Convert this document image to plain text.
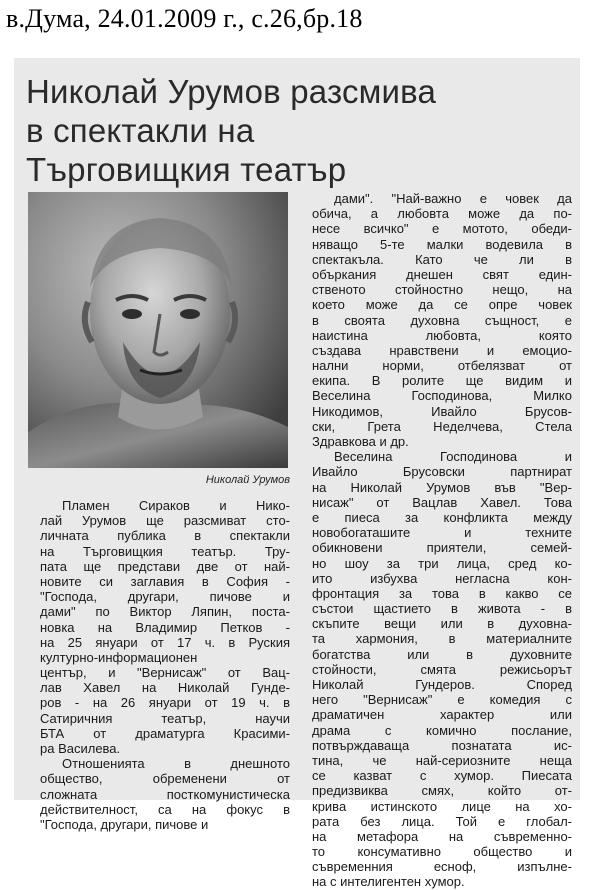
в.Дума, 24.01.2009 г., с.26,бр.18
Николай Урумов разсмива
в спектакли на
Търговищкия театър
Николай Урумов

Пламен Сираков и Нико-
лай Урумов ще разсмиват сто-
личната публика в спектакли
на Търговищкия театър. Тру-
пата ще представи две от най-
новите си заглавия в София -
"Господа, другари, пичове и
дами" по Виктор Ляпин, поста-
новка на Владимир Петков -
на 25 януари от 17 ч. в Руския
културно-информационен
център, и "Вернисаж" от Вац-
лав Хавел на Николай Гундe-
ров - на 26 януари от 19 ч. в
Сатиричния театър, научи
БТА от драматурга Красими-
ра Василева.

Отношенията в днешното
общество, обременени от
сложната посткомунистическа
действителност, са на фокус в
"Господа, другари, пичове и

дами". "Най-важно е човек да
обича, а любовта може да по-
несе всичко" е мотото, обеди-
няващо 5-те малки водевила в
спектакъла. Като че ли в
объркания днешен свят един-
ственото стойностно нещо, на
което може да се опре човек
в своята духовна същност, е
наистина любовта, която
създава нравствени и емоцио-
нални норми, отбелязват от
екипа. В ролите ще видим и
Веселина Господинова, Милко
Никодимов, Ивайло Брусов-
ски, Грета Неделчева, Стела
Здравкова и др.

Веселина Господинова и
Ивайло Брусовски партнират
на Николай Урумов във "Вер-
нисаж" от Вацлав Хавел. Това
е пиеса за конфликта между
новобогаташите и техните
обикновени приятели, семей-
но шоу за три лица, сред ко-
ито избухва негласна кон-
фронтация за това в какво се
състои щастието в живота - в
скъпите вещи или в духовна-
та хармония, в материалните
богатства или в духовните
стойности, смята режисьорът
Николай Гундеров. Според
него "Вернисаж" е комедия с
драматичен характер или
драма с комично послание,
потвърждаваща познатата ис-
тина, че най-сериозните неща
се казват с хумор. Пиесата
предизвиква смях, който от-
крива истинското лице на хо-
рата без лица. Той е глобал-
на метафора на съвременно-
то консумативно общество и
съвременния есноф, изпълне-
на с интелигентен хумор.
